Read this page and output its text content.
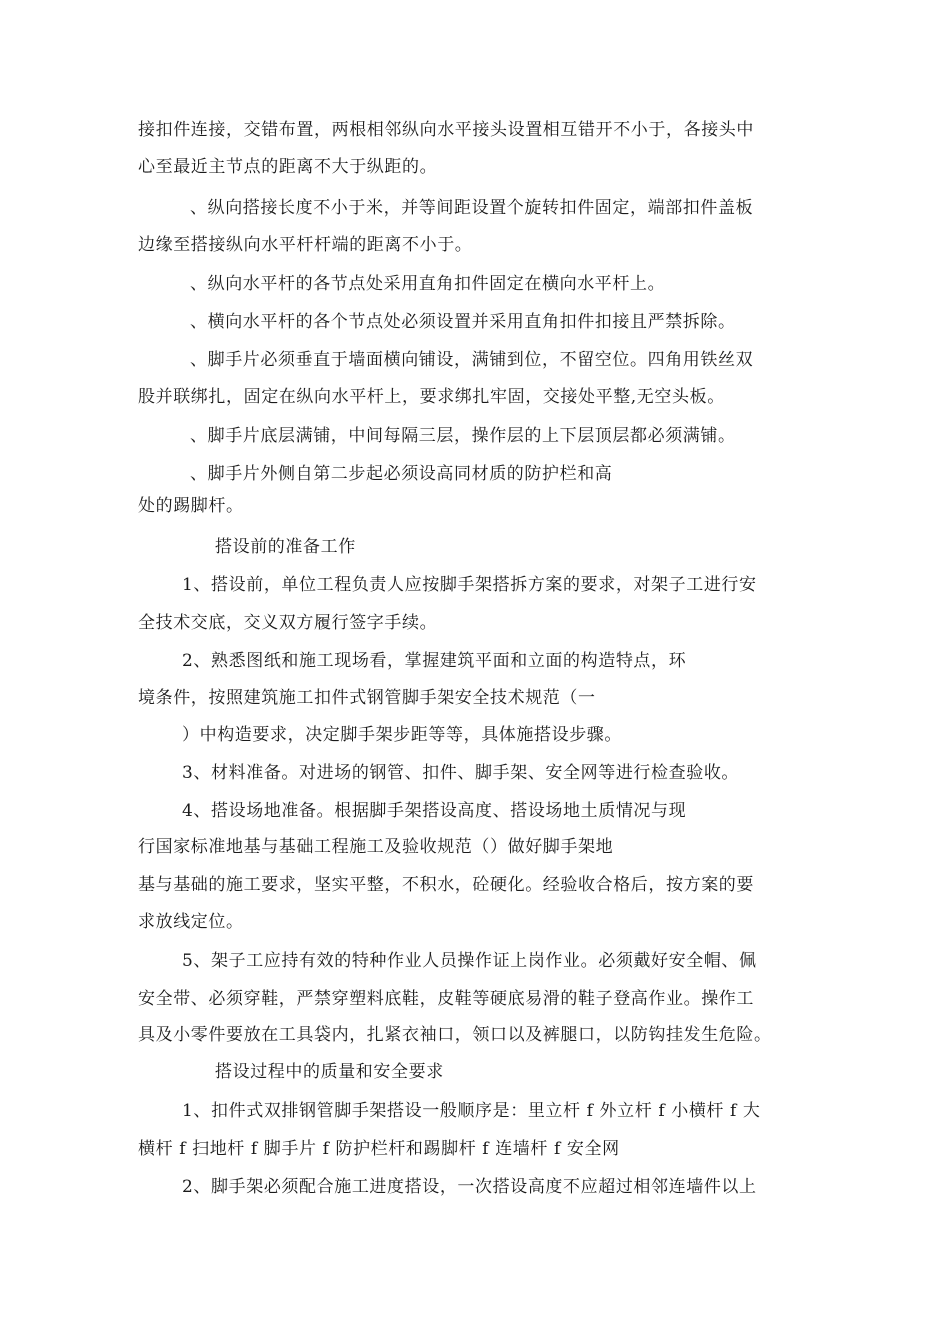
接扣件连接，交错布置，两根相邻纵向水平接头设置相互错开不小于，各接头中
心至最近主节点的距离不大于纵距的。
、纵向搭接长度不小于米，并等间距设置个旋转扣件固定，端部扣件盖板
边缘至搭接纵向水平杆杆端的距离不小于。
、纵向水平杆的各节点处采用直角扣件固定在横向水平杆上。
、横向水平杆的各个节点处必须设置并采用直角扣件扣接且严禁拆除。
、脚手片必须垂直于墙面横向铺设，满铺到位，不留空位。四角用铁丝双
股并联绑扎，固定在纵向水平杆上，要求绑扎牢固，交接处平整,无空头板。
、脚手片底层满铺，中间每隔三层，操作层的上下层顶层都必须满铺。
、脚手片外侧自第二步起必须设高同材质的防护栏和高
处的踢脚杆。
搭设前的准备工作
1、搭设前，单位工程负责人应按脚手架搭拆方案的要求，对架子工进行安
全技术交底，交义双方履行签字手续。
2、熟悉图纸和施工现场看，掌握建筑平面和立面的构造特点，环
境条件，按照建筑施工扣件式钢管脚手架安全技术规范（一
）中构造要求，决定脚手架步距等等，具体施搭设步骤。
3、材料准备。对进场的钢管、扣件、脚手架、安全网等进行检查验收。
4、搭设场地准备。根据脚手架搭设高度、搭设场地土质情况与现
行国家标准地基与基础工程施工及验收规范（）做好脚手架地
基与基础的施工要求，坚实平整，不积水，砼硬化。经验收合格后，按方案的要
求放线定位。
5、架子工应持有效的特种作业人员操作证上岗作业。必须戴好安全帽、佩
安全带、必须穿鞋，严禁穿塑料底鞋，皮鞋等硬底易滑的鞋子登高作业。操作工
具及小零件要放在工具袋内，扎紧衣袖口，领口以及裤腿口，以防钩挂发生危险。
搭设过程中的质量和安全要求
1、扣件式双排钢管脚手架搭设一般顺序是：里立杆 f 外立杆 f 小横杆 f 大
横杆 f 扫地杆 f 脚手片 f 防护栏杆和踢脚杆 f 连墙杆 f 安全网
2、脚手架必须配合施工进度搭设，一次搭设高度不应超过相邻连墙件以上
